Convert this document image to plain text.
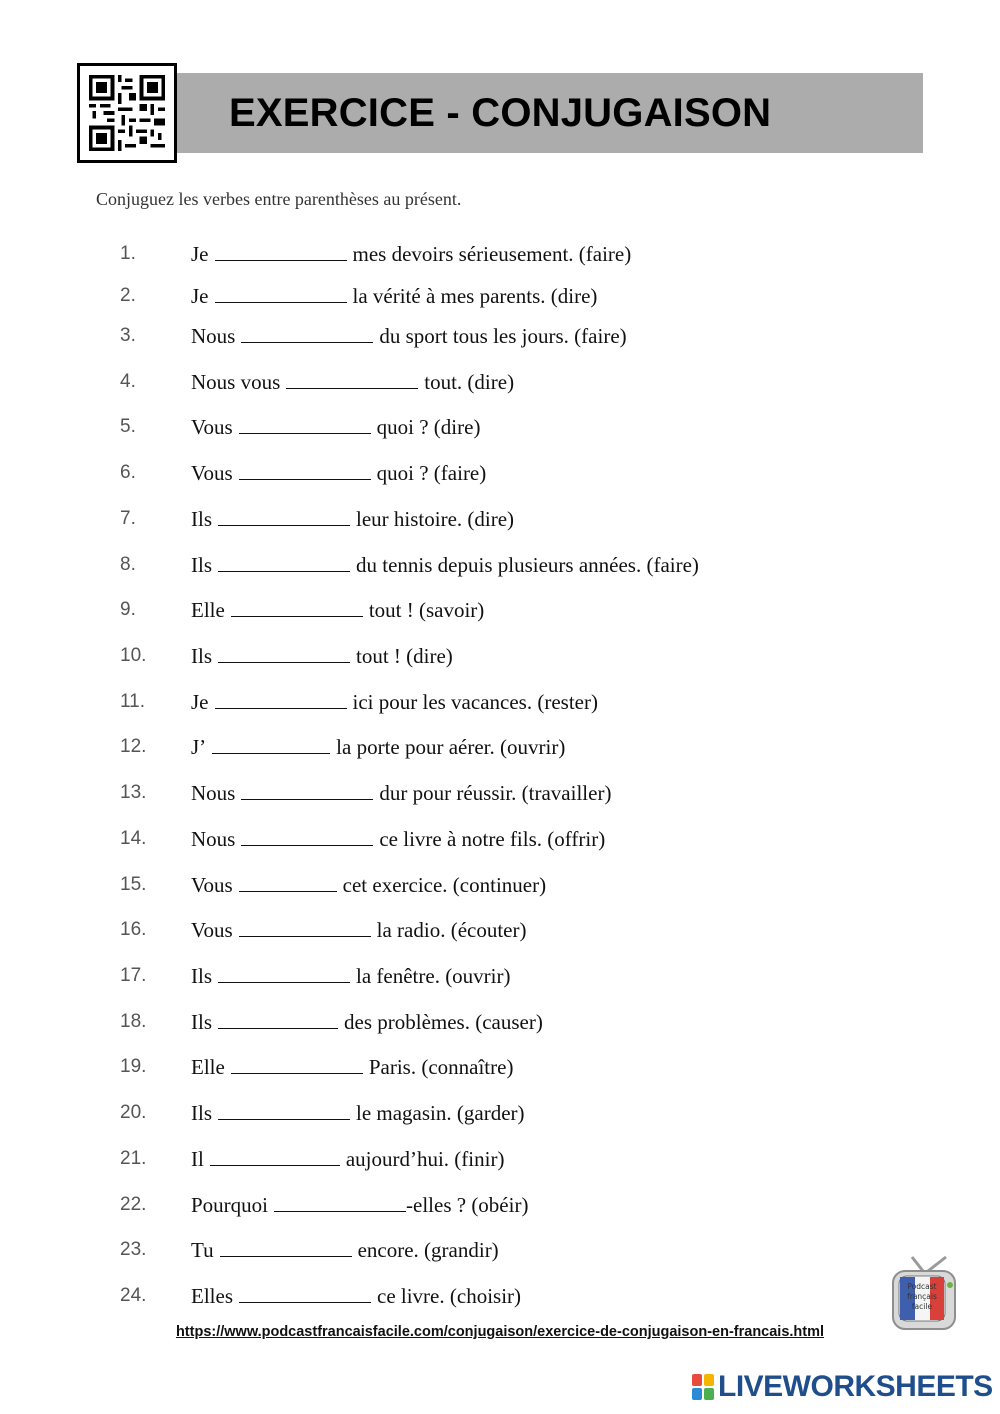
EXERCICE - CONJUGAISON

Conjuguez les verbes entre parenthèses au présent.

1.	Je	mes devoirs sérieusement. (faire)
2.	Je	la vérité à mes parents. (dire)
3.	Nous	du sport tous les jours. (faire)
4.	Nous vous	tout. (dire)
5.	Vous	quoi ? (dire)
6.	Vous	quoi ? (faire)
7.	Ils	leur histoire. (dire)
8.	Ils	du tennis depuis plusieurs années. (faire)
9.	Elle	tout ! (savoir)
10. Ils	tout ! (dire)
11. Je	ici pour les vacances. (rester)
12. J’	la porte pour aérer. (ouvrir)
13. Nous	dur pour réussir. (travailler)
14. Nous	ce livre à notre fils. (offrir)
15. Vous	cet exercice. (continuer)
16. Vous	la radio. (écouter)
17. Ils	la fenêtre. (ouvrir)
18. Ils	des problèmes. (causer)
19. Elle	Paris. (connaître)
20. Ils	le magasin. (garder)
21. Il	aujourd’hui. (finir)
22. Pourquoi	-elles ? (obéir)
23. Tu	encore. (grandir)
24. Elles	ce livre. (choisir)	Podcast
français
facile
https://www.podcastfrancaisfacile.com/conjugaison/exercice-de-conjugaison-en-francais.html
LIVEWORKSHEETS
